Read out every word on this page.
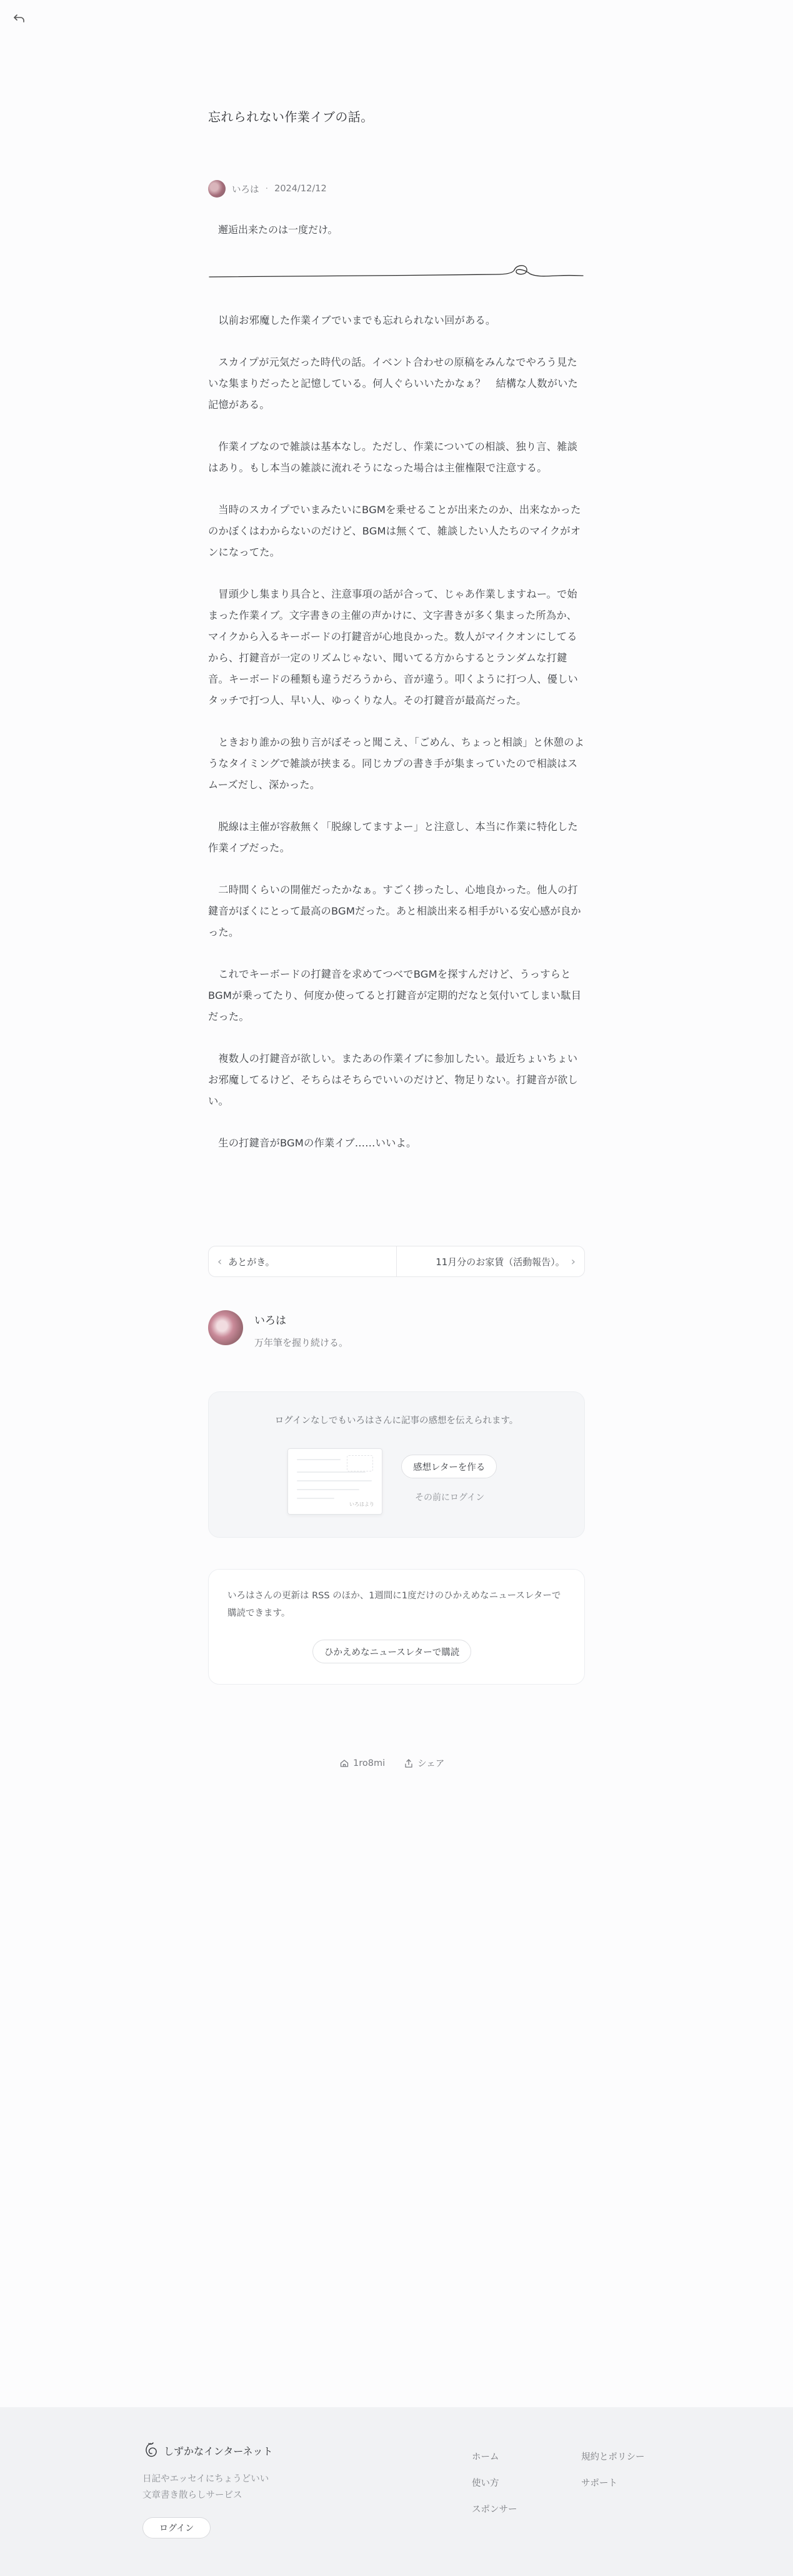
忘れられない作業イブの話。
いろは · 2024/12/12

邂逅出来たのは一度だけ。

以前お邪魔した作業イブでいまでも忘れられない回がある。

スカイプが元気だった時代の話。イベント合わせの原稿をみんなでやろう見たいな集まりだったと記憶している。何人ぐらいいたかなぁ？　結構な人数がいた記憶がある。

作業イブなので雑談は基本なし。ただし、作業についての相談、独り言、雑談はあり。もし本当の雑談に流れそうになった場合は主催権限で注意する。

当時のスカイプでいまみたいにBGMを乗せることが出来たのか、出来なかったのかぼくはわからないのだけど、BGMは無くて、雑談したい人たちのマイクがオンになってた。

冒頭少し集まり具合と、注意事項の話が合って、じゃあ作業しますねー。で始まった作業イブ。文字書きの主催の声かけに、文字書きが多く集まった所為か、マイクから入るキーボードの打鍵音が心地良かった。数人がマイクオンにしてるから、打鍵音が一定のリズムじゃない、聞いてる方からするとランダムな打鍵音。キーボードの種類も違うだろうから、音が違う。叩くように打つ人、優しいタッチで打つ人、早い人、ゆっくりな人。その打鍵音が最高だった。

ときおり誰かの独り言がぼそっと聞こえ、「ごめん、ちょっと相談」と休憩のようなタイミングで雑談が挟まる。同じカプの書き手が集まっていたので相談はスムーズだし、深かった。

脱線は主催が容赦無く「脱線してますよー」と注意し、本当に作業に特化した作業イブだった。

二時間くらいの開催だったかなぁ。すごく捗ったし、心地良かった。他人の打鍵音がぼくにとって最高のBGMだった。あと相談出来る相手がいる安心感が良かった。

これでキーボードの打鍵音を求めてつべでBGMを探すんだけど、うっすらとBGMが乗ってたり、何度か使ってると打鍵音が定期的だなと気付いてしまい駄目だった。

複数人の打鍵音が欲しい。またあの作業イブに参加したい。最近ちょいちょいお邪魔してるけど、そちらはそちらでいいのだけど、物足りない。打鍵音が欲しい。

生の打鍵音がBGMの作業イブ……いいよ。

‹ あとがき。	11月分のお家賃（活動報告）。 ›
いろは
万年筆を握り続ける。
ログインなしでもいろはさんに記事の感想を伝えられます。
いろはより
感想レターを作る
その前にログイン
いろはさんの更新は RSS のほか、1週間に1度だけのひかえめなニュースレターで購読できます。
ひかえめなニュースレターで購読
1ro8mi	シェア
しずかなインターネット
日記やエッセイにちょうどいい
文章書き散らしサービス
ログイン
ホーム
使い方
スポンサー
規約とポリシー
サポート
